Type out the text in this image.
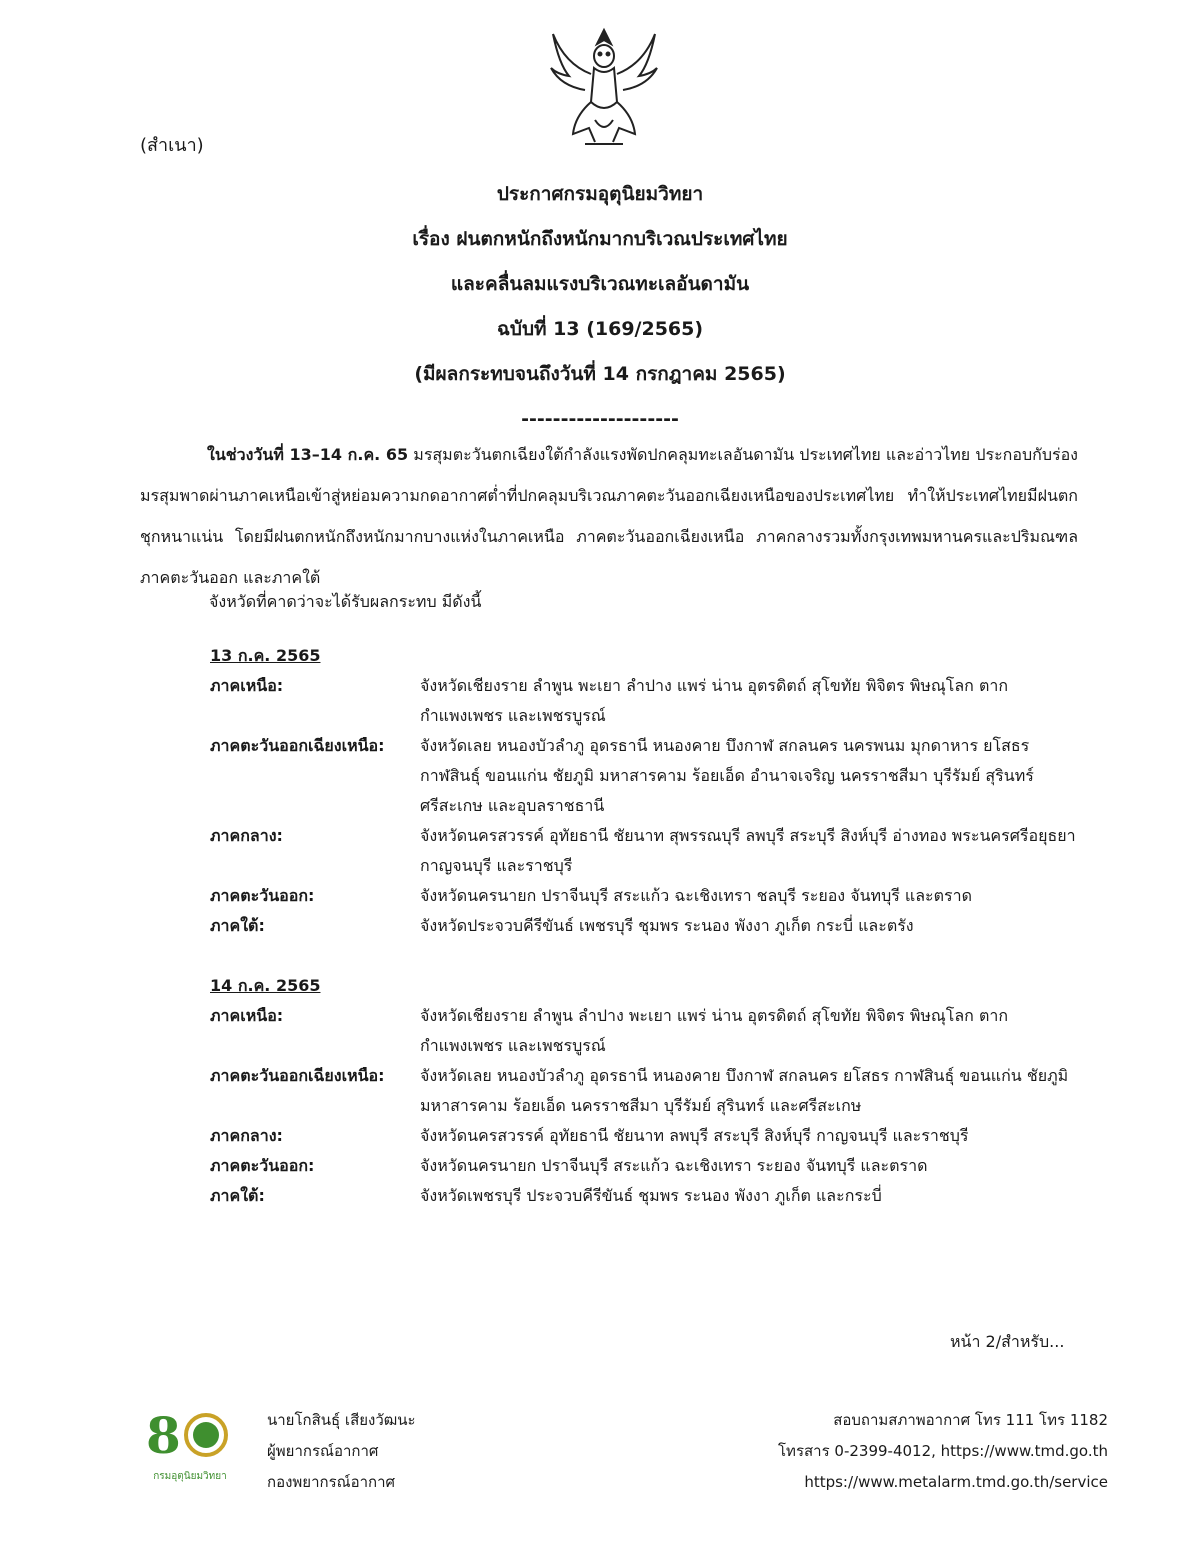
(สำเนา)
ประกาศกรมอุตุนิยมวิทยา
เรื่อง ฝนตกหนักถึงหนักมากบริเวณประเทศไทย
และคลื่นลมแรงบริเวณทะเลอันดามัน
ฉบับที่ 13 (169/2565)
(มีผลกระทบจนถึงวันที่ 14 กรกฎาคม 2565)
--------------------
ในช่วงวันที่ 13–14 ก.ค. 65 มรสุมตะวันตกเฉียงใต้กำลังแรงพัดปกคลุมทะเลอันดามัน ประเทศไทย และอ่าวไทย ประกอบกับร่องมรสุมพาดผ่านภาคเหนือเข้าสู่หย่อมความกดอากาศต่ำที่ปกคลุมบริเวณภาคตะวันออกเฉียงเหนือของประเทศไทย ทำให้ประเทศไทยมีฝนตกชุกหนาแน่น โดยมีฝนตกหนักถึงหนักมากบางแห่งในภาคเหนือ ภาคตะวันออกเฉียงเหนือ ภาคกลางรวมทั้งกรุงเทพมหานครและปริมณฑล ภาคตะวันออก และภาคใต้
จังหวัดที่คาดว่าจะได้รับผลกระทบ มีดังนี้
13 ก.ค. 2565
ภาคเหนือ:	จังหวัดเชียงราย ลำพูน พะเยา ลำปาง แพร่ น่าน อุตรดิตถ์ สุโขทัย พิจิตร พิษณุโลก ตาก กำแพงเพชร และเพชรบูรณ์
ภาคตะวันออกเฉียงเหนือ:	จังหวัดเลย หนองบัวลำภู อุดรธานี หนองคาย บึงกาฬ สกลนคร นครพนม มุกดาหาร ยโสธร กาฬสินธุ์ ขอนแก่น ชัยภูมิ มหาสารคาม ร้อยเอ็ด อำนาจเจริญ นครราชสีมา บุรีรัมย์ สุรินทร์ ศรีสะเกษ และอุบลราชธานี
ภาคกลาง:	จังหวัดนครสวรรค์ อุทัยธานี ชัยนาท สุพรรณบุรี ลพบุรี สระบุรี สิงห์บุรี อ่างทอง พระนครศรีอยุธยา กาญจนบุรี และราชบุรี
ภาคตะวันออก:	จังหวัดนครนายก ปราจีนบุรี สระแก้ว ฉะเชิงเทรา ชลบุรี ระยอง จันทบุรี และตราด
ภาคใต้:	จังหวัดประจวบคีรีขันธ์ เพชรบุรี ชุมพร ระนอง พังงา ภูเก็ต กระบี่ และตรัง
14 ก.ค. 2565
ภาคเหนือ:	จังหวัดเชียงราย ลำพูน ลำปาง พะเยา แพร่ น่าน อุตรดิตถ์ สุโขทัย พิจิตร พิษณุโลก ตาก กำแพงเพชร และเพชรบูรณ์
ภาคตะวันออกเฉียงเหนือ:	จังหวัดเลย หนองบัวลำภู อุดรธานี หนองคาย บึงกาฬ สกลนคร ยโสธร กาฬสินธุ์ ขอนแก่น ชัยภูมิ มหาสารคาม ร้อยเอ็ด นครราชสีมา บุรีรัมย์ สุรินทร์ และศรีสะเกษ
ภาคกลาง:	จังหวัดนครสวรรค์ อุทัยธานี ชัยนาท ลพบุรี สระบุรี สิงห์บุรี กาญจนบุรี และราชบุรี
ภาคตะวันออก:	จังหวัดนครนายก ปราจีนบุรี สระแก้ว ฉะเชิงเทรา ระยอง จันทบุรี และตราด
ภาคใต้:	จังหวัดเพชรบุรี ประจวบคีรีขันธ์ ชุมพร ระนอง พังงา ภูเก็ต และกระบี่
หน้า 2/สำหรับ...
8
กรมอุตุนิยมวิทยา
นายโกสินธุ์ เสียงวัฒนะ
ผู้พยากรณ์อากาศ
กองพยากรณ์อากาศ
สอบถามสภาพอากาศ โทร 111 โทร 1182
โทรสาร 0-2399-4012, https://www.tmd.go.th
https://www.metalarm.tmd.go.th/service
